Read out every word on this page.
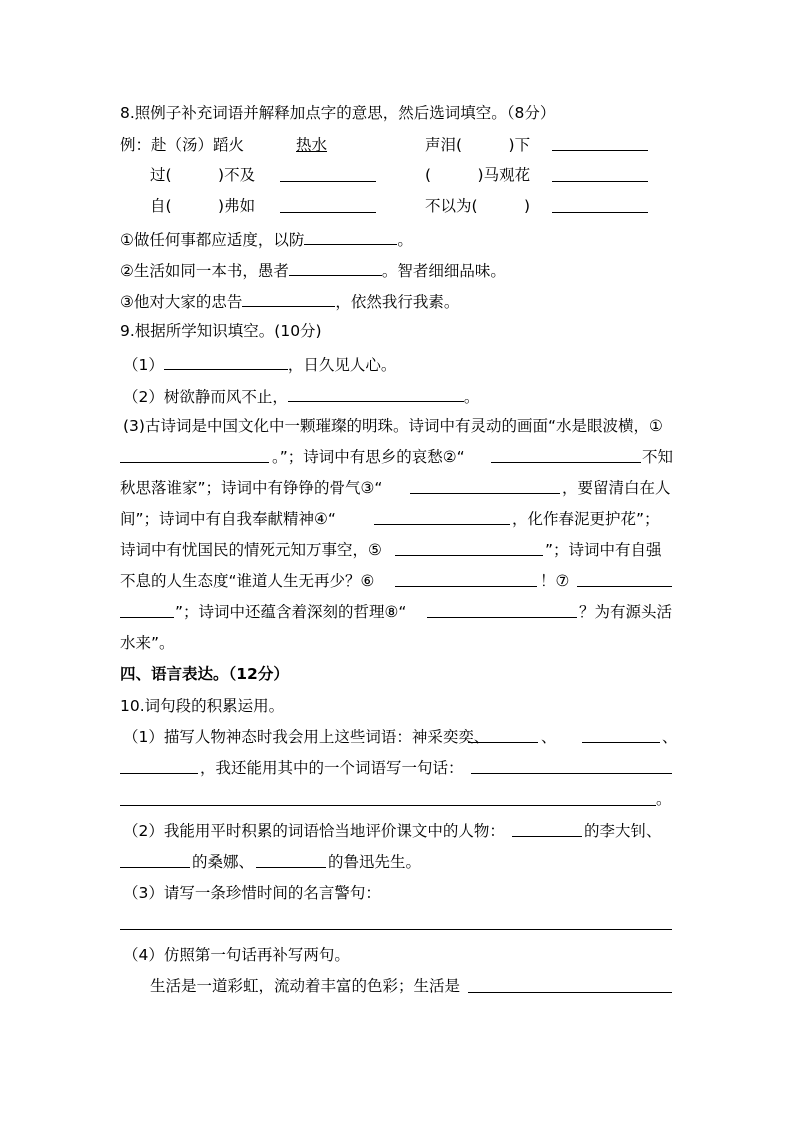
8.照例子补充词语并解释加点字的意思，然后选词填空。（8分）
例：赴（汤）蹈火	热水	声泪(　　　)下
过(　　　)不及	(　　　)马观花
自(　　　)弗如	不以为(　　　)
①做任何事都应适度，以防	。
②生活如同一本书，愚者	。智者细细品味。
③他对大家的忠告	，依然我行我素。
9.根据所学知识填空。(10分)
（1）	，日久见人心。
（2）树欲静而风不止，	。
(3)古诗词是中国文化中一颗璀璨的明珠。诗词中有灵动的画面“水是眼波横，①
。”；诗词中有思乡的哀愁②“	不知
秋思落谁家”；诗词中有铮铮的骨气③“	，要留清白在人
间”；诗词中有自我奉献精神④“	，化作春泥更护花”；
诗词中有忧国民的情死元知万事空，⑤	”；诗词中有自强
不息的人生态度“谁道人生无再少？⑥	！⑦
”；诗词中还蕴含着深刻的哲理⑧“	？为有源头活
水来”。
四、语言表达。（12分）
10.词句段的积累运用。
（1）描写人物神态时我会用上这些词语：神采奕奕、	、	、
，我还能用其中的一个词语写一句话：
。
（2）我能用平时积累的词语恰当地评价课文中的人物：	的李大钊、
的桑娜、	的鲁迅先生。
（3）请写一条珍惜时间的名言警句：
（4）仿照第一句话再补写两句。
生活是一道彩虹，流动着丰富的色彩；生活是
